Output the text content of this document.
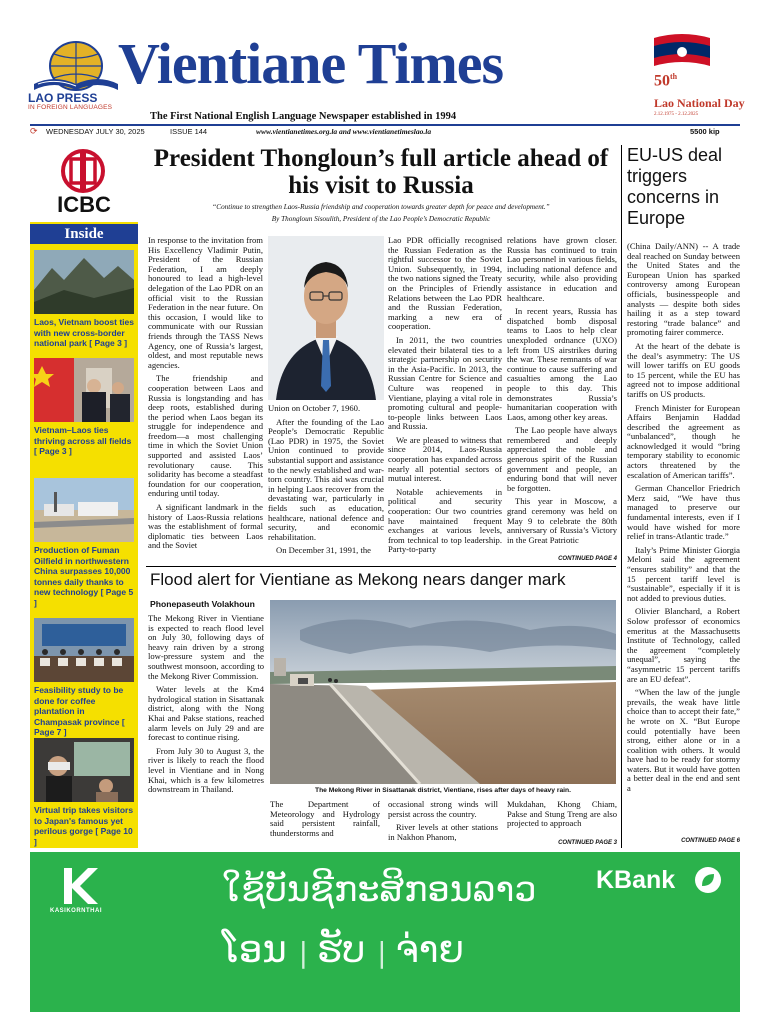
LAO PRESS
IN FOREIGN LANGUAGES
Vientiane Times
The First National English Language Newspaper established in 1994
50th
Lao National Day
2.12.1975 - 2.12.2025
⟳ WEDNESDAY JULY 30, 2025	ISSUE 144	www.vientianetimes.org.la and www.vientianetimeslao.la	5500 kip
ICBC
Inside
Laos, Vietnam boost ties with new cross-border national park [ Page 3 ]
Vietnam–Laos ties thriving across all fields [ Page 3 ]
Production of Fuman Oilfield in northwestern China surpasses 10,000 tonnes daily thanks to new technology [ Page 5 ]
Feasibility study to be done for coffee plantation in Champasak province [ Page 7 ]
Virtual trip takes visitors to Japan's famous yet perilous gorge [ Page 10 ]
President Thongloun’s full article ahead of his visit to Russia
“Continue to strengthen Laos-Russia friendship and cooperation towards greater depth for peace and development.”
By Thongloun Sisoulith, President of the Lao People’s Democratic Republic

In response to the invitation from His Excellency Vladimir Putin, President of the Russian Federation, I am deeply honoured to lead a high-level delegation of the Lao PDR on an official visit to the Russian Federation in the near future. On this occasion, I would like to communicate with our Russian friends through the TASS News Agency, one of Russia’s largest, oldest, and most reputable news agencies.

The friendship and cooperation between Laos and Russia is longstanding and has deep roots, established during the period when Laos began its struggle for independence and freedom—a most challenging time in which the Soviet Union supported and assisted Laos’ revolutionary cause. This solidarity has become a steadfast foundation for our cooperation, enduring until today.

A significant landmark in the history of Laos-Russia relations was the establishment of formal diplomatic ties between Laos and the Soviet

Union on October 7, 1960.

After the founding of the Lao People’s Democratic Republic (Lao PDR) in 1975, the Soviet Union continued to provide substantial support and assistance to the newly established and war-torn country. This aid was crucial in helping Laos recover from the devastating war, particularly in fields such as education, healthcare, national defence and security, and economic rehabilitation.

On December 31, 1991, the

Lao PDR officially recognised the Russian Federation as the rightful successor to the Soviet Union. Subsequently, in 1994, the two nations signed the Treaty on the Principles of Friendly Relations between the Lao PDR and the Russian Federation, marking a new era of cooperation.

In 2011, the two countries elevated their bilateral ties to a strategic partnership on security in the Asia-Pacific. In 2013, the Russian Centre for Science and Culture was reopened in Vientiane, playing a vital role in promoting cultural and people-to-people links between Laos and Russia.

We are pleased to witness that since 2014, Laos-Russia cooperation has expanded across nearly all potential sectors of mutual interest.

Notable achievements in political and security cooperation: Our two countries have maintained frequent exchanges at various levels, from technical to top leadership. Party-to-party

relations have grown closer. Russia has continued to train Lao personnel in various fields, including national defence and security, while also providing assistance in education and healthcare.

In recent years, Russia has dispatched bomb disposal teams to Laos to help clear unexploded ordnance (UXO) left from US airstrikes during the war. These remnants of war continue to cause suffering and casualties among the Lao people to this day. This demonstrates Russia’s humanitarian cooperation with Laos, among other key areas.

The Lao people have always remembered and deeply appreciated the noble and generous spirit of the Russian government and people, an enduring bond that will never be forgotten.

This year in Moscow, a grand ceremony was held on May 9 to celebrate the 80th anniversary of Russia’s Victory in the Great Patriotic

CONTINUED PAGE 4
Flood alert for Vientiane as Mekong nears danger mark
Phonepaseuth Volakhoun

The Mekong River in Vientiane is expected to reach flood level on July 30, following days of heavy rain driven by a strong low-pressure system and the southwest monsoon, according to the Mekong River Commission.

Water levels at the Km4 hydrological station in Sisattanak district, along with the Nong Khai and Pakse stations, reached alarm levels on July 29 and are forecast to continue rising.

From July 30 to August 3, the river is likely to reach the flood level in Vientiane and in Nong Khai, which is a few kilometres downstream in Thailand.	The Mekong River in Sisattanak district, Vientiane, rises after days of heavy rain.

The Department of Meteorology and Hydrology said persistent rainfall, thunderstorms and

occasional strong winds will persist across the country.

River levels at other stations in Nakhon Phanom,

Mukdahan, Khong Chiam, Pakse and Stung Treng are also projected to approach

CONTINUED PAGE 3
EU-US deal triggers concerns in Europe

(China Daily/ANN) -- A trade deal reached on Sunday between the United States and the European Union has sparked controversy among European officials, businesspeople and analysts — despite both sides hailing it as a step toward restoring “trade balance” and promoting fairer commerce.

At the heart of the debate is the deal’s asymmetry: The US will lower tariffs on EU goods to 15 percent, while the EU has agreed not to impose additional tariffs on US products.

French Minister for European Affairs Benjamin Haddad described the agreement as “unbalanced”, though he acknowledged it would “bring temporary stability to economic actors threatened by the escalation of American tariffs”.

German Chancellor Friedrich Merz said, “We have thus managed to preserve our fundamental interests, even if I would have wished for more relief in trans-Atlantic trade.”

Italy’s Prime Minister Giorgia Meloni said the agreement “ensures stability” and that the 15 percent tariff level is “sustainable”, especially if it is not added to previous duties.

Olivier Blanchard, a Robert Solow professor of economics emeritus at the Massachusetts Institute of Technology, called the agreement “completely unequal”, saying the “asymmetric 15 percent tariffs are an EU defeat”.

“When the law of the jungle prevails, the weak have little choice than to accept their fate,” he wrote on X. “But Europe could potentially have been strong, either alone or in a coalition with others. It would have had to be ready for stormy waters. But it would have gotten a better deal in the end and sent a

CONTINUED PAGE 6
KASIKORNTHAI
ໃຊ້ບັນຊີກະສິກອນລາວ
ໂອນ | ຮັບ | ຈ່າຍ
KBank
